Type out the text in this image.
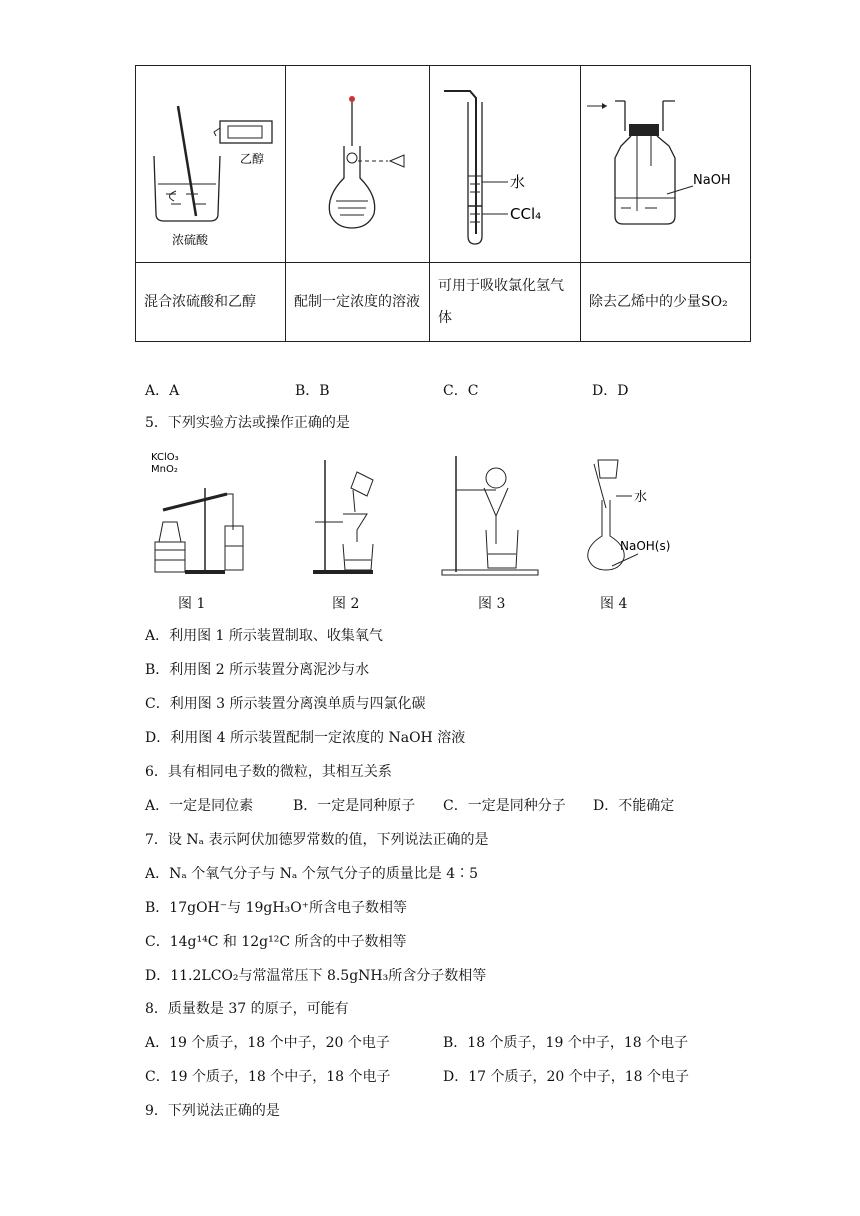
乙醇
浓硫酸		水
CCl₄	NaOH

混合浓硫酸和乙醇	配制一定浓度的溶液	可用于吸收氯化氢气体	除去乙烯中的少量SO₂
A．A	B．B	C．C	D．D
5．下列实验方法或操作正确的是
KClO₃
MnO₂
水
NaOH(s)
图 1	图 2	图 3	图 4
A．利用图 1 所示装置制取、收集氧气
B．利用图 2 所示装置分离泥沙与水
C．利用图 3 所示装置分离溴单质与四氯化碳
D．利用图 4 所示装置配制一定浓度的 NaOH 溶液
6．具有相同电子数的微粒，其相互关系
A．一定是同位素	B．一定是同种原子 C．一定是同种分子 D．不能确定
7．设 Nₐ 表示阿伏加德罗常数的值，下列说法正确的是
A．Nₐ 个氧气分子与 Nₐ 个氖气分子的质量比是 4∶5
B．17gOH⁻与 19gH₃O⁺所含电子数相等
C．14g¹⁴C 和 12g¹²C 所含的中子数相等
D．11.2LCO₂与常温常压下 8.5gNH₃所含分子数相等
8．质量数是 37 的原子，可能有
A．19 个质子，18 个中子，20 个电子	B．18 个质子，19 个中子，18 个电子
C．19 个质子，18 个中子，18 个电子	D．17 个质子，20 个中子，18 个电子
9．下列说法正确的是
